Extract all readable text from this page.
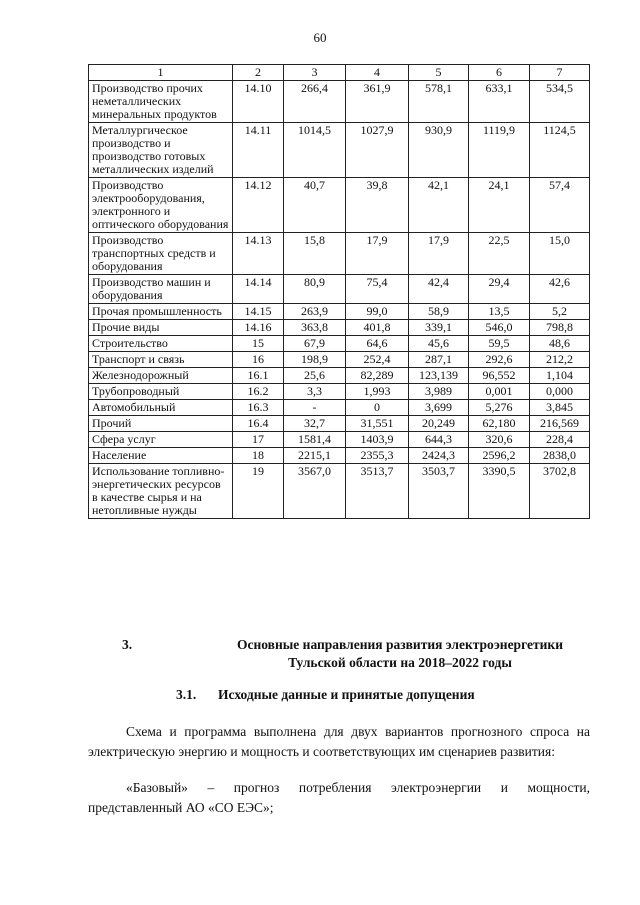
60
1	2	3	4	5	6	7
Производство прочих неметаллических минеральных продуктов	14.10	266,4	361,9	578,1	633,1	534,5
Металлургическое производство и производство готовых металлических изделий	14.11	1014,5	1027,9	930,9	1119,9	1124,5
Производство электрооборудования, электронного и оптического оборудования	14.12	40,7	39,8	42,1	24,1	57,4
Производство транспортных средств и оборудования	14.13	15,8	17,9	17,9	22,5	15,0
Производство машин и оборудования	14.14	80,9	75,4	42,4	29,4	42,6
Прочая промышленность	14.15	263,9	99,0	58,9	13,5	5,2
Прочие виды	14.16	363,8	401,8	339,1	546,0	798,8
Строительство	15	67,9	64,6	45,6	59,5	48,6
Транспорт и связь	16	198,9	252,4	287,1	292,6	212,2
Железнодорожный	16.1	25,6	82,289	123,139	96,552	1,104
Трубопроводный	16.2	3,3	1,993	3,989	0,001	0,000
Автомобильный	16.3	-	0	3,699	5,276	3,845
Прочий	16.4	32,7	31,551	20,249	62,180	216,569
Сфера услуг	17	1581,4	1403,9	644,3	320,6	228,4
Население	18	2215,1	2355,3	2424,3	2596,2	2838,0
Использование топливно-энергетических ресурсов в качестве сырья и на нетопливные нужды	19	3567,0	3513,7	3503,7	3390,5	3702,8
3.	Основные направления развития электроэнергетики Тульской области на 2018–2022 годы
3.1. Исходные данные и принятые допущения
Схема и программа выполнена для двух вариантов прогнозного спроса на электрическую энергию и мощность и соответствующих им сценариев развития:
«Базовый» – прогноз потребления электроэнергии и мощности, представленный АО «СО ЕЭС»;
